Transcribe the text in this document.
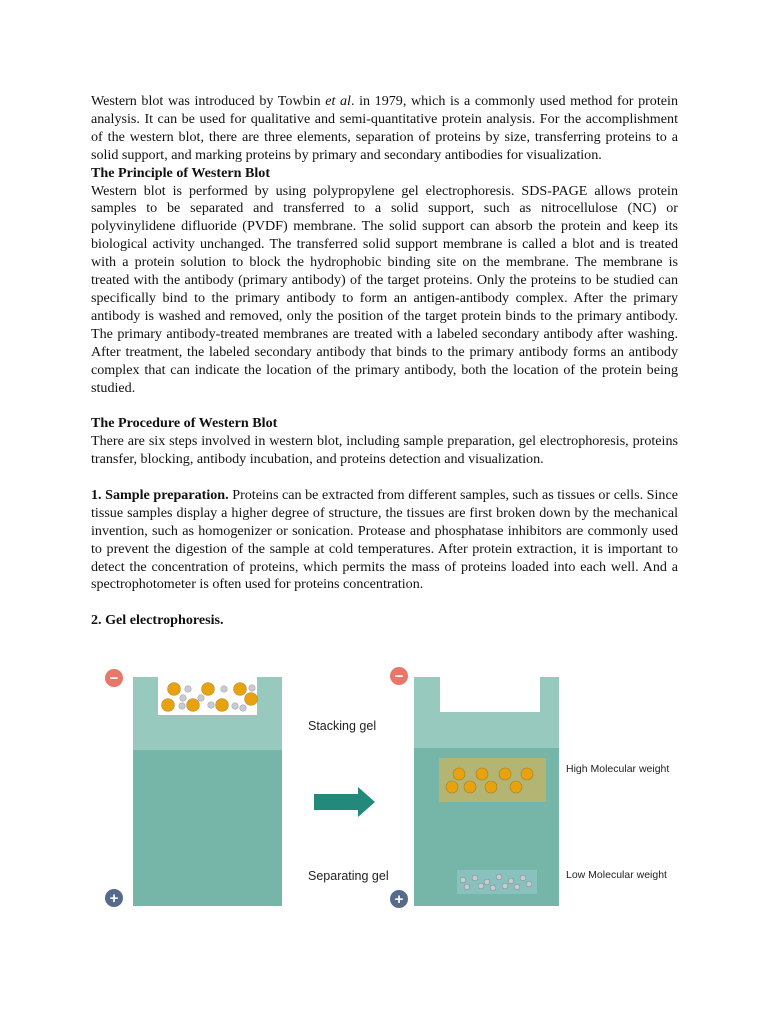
Western blot was introduced by Towbin et al. in 1979, which is a commonly used method for protein analysis. It can be used for qualitative and semi-quantitative protein analysis. For the accomplishment of the western blot, there are three elements, separation of proteins by size, transferring proteins to a solid support, and marking proteins by primary and secondary antibodies for visualization.

The Principle of Western Blot

Western blot is performed by using polypropylene gel electrophoresis. SDS-PAGE allows protein samples to be separated and transferred to a solid support, such as nitrocellulose (NC) or polyvinylidene difluoride (PVDF) membrane. The solid support can absorb the protein and keep its biological activity unchanged. The transferred solid support membrane is called a blot and is treated with a protein solution to block the hydrophobic binding site on the membrane. The membrane is treated with the antibody (primary antibody) of the target proteins. Only the proteins to be studied can specifically bind to the primary antibody to form an antigen-antibody complex. After the primary antibody is washed and removed, only the position of the target protein binds to the primary antibody. The primary antibody-treated membranes are treated with a labeled secondary antibody after washing. After treatment, the labeled secondary antibody that binds to the primary antibody forms an antibody complex that can indicate the location of the primary antibody, both the location of the protein being studied.

The Procedure of Western Blot

There are six steps involved in western blot, including sample preparation, gel electrophoresis, proteins transfer, blocking, antibody incubation, and proteins detection and visualization.

1. Sample preparation. Proteins can be extracted from different samples, such as tissues or cells. Since tissue samples display a higher degree of structure, the tissues are first broken down by the mechanical invention, such as homogenizer or sonication. Protease and phosphatase inhibitors are commonly used to prevent the digestion of the sample at cold temperatures. After protein extraction, it is important to detect the concentration of proteins, which permits the mass of proteins loaded into each well. And a spectrophotometer is often used for proteins concentration.

2. Gel electrophoresis.
−
+
Stacking gel
Separating gel
−
+
High Molecular weight
Low Molecular weight
